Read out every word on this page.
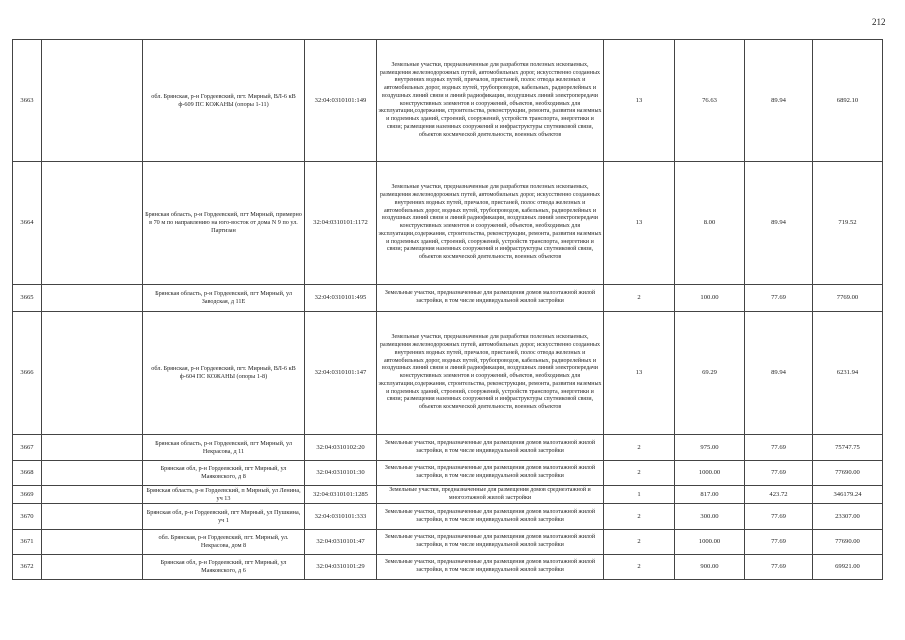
212
3663		обл. Брянская, р-н Гордеевский, пгт. Мирный, ВЛ-6 кВ ф-609 ПС КОЖАНЫ (опоры 1-11)	32:04:0310101:149	Земельные участки, предназначенные для разработки полезных ископаемых, размещения железнодорожных путей, автомобильных дорог, искусственно созданных внутренних водных путей, причалов, пристаней, полос отвода железных и автомобильных дорог, водных путей, трубопроводов, кабельных, радиорелейных и воздушных линий связи и линий радиофикации, воздушных линий электропередачи конструктивных элементов и сооружений, объектов, необходимых для эксплуатации,содержания, строительства, реконструкции, ремонта, развития наземных и подземных зданий, строений, сооружений, устройств транспорта, энергетики и связи; размещения наземных сооружений и инфраструктуры спутниковой связи, объектов космической деятельности, военных объектов	13	76.63	89.94	6892.10
3664		Брянская область, р-н Гордеевский, пгт Мирный, примерно в 70 м по направлению на юго-восток от дома N 9 по ул. Партизан	32:04:0310101:1172	Земельные участки, предназначенные для разработки полезных ископаемых, размещения железнодорожных путей, автомобильных дорог, искусственно созданных внутренних водных путей, причалов, пристаней, полос отвода железных и автомобильных дорог, водных путей, трубопроводов, кабельных, радиорелейных и воздушных линий связи и линий радиофикации, воздушных линий электропередачи конструктивных элементов и сооружений, объектов, необходимых для эксплуатации,содержания, строительства, реконструкции, ремонта, развития наземных и подземных зданий, строений, сооружений, устройств транспорта, энергетики и связи; размещения наземных сооружений и инфраструктуры спутниковой связи, объектов космической деятельности, военных объектов	13	8.00	89.94	719.52
3665		Брянская область, р-н Гордеевский, пгт Мирный, ул Заводская, д 11Е	32:04:0310101:495	Земельные участки, предназначенные для размещения домов малоэтажной жилой застройки, в том числе индивидуальной жилой застройки	2	100.00	77.69	7769.00
3666		обл. Брянская, р-н Гордеевский, пгт. Мирный, ВЛ-6 кВ ф-604 ПС КОЖАНЫ (опоры 1-8)	32:04:0310101:147	Земельные участки, предназначенные для разработки полезных ископаемых, размещения железнодорожных путей, автомобильных дорог, искусственно созданных внутренних водных путей, причалов, пристаней, полос отвода железных и автомобильных дорог, водных путей, трубопроводов, кабельных, радиорелейных и воздушных линий связи и линий радиофикации, воздушных линий электропередачи конструктивных элементов и сооружений, объектов, необходимых для эксплуатации,содержания, строительства, реконструкции, ремонта, развития наземных и подземных зданий, строений, сооружений, устройств транспорта, энергетики и связи; размещения наземных сооружений и инфраструктуры спутниковой связи, объектов космической деятельности, военных объектов	13	69.29	89.94	6231.94
3667		Брянская область, р-н Гордеевский, пгт Мирный, ул Некрасова, д 11	32:04:0310102:20	Земельные участки, предназначенные для размещения домов малоэтажной жилой застройки, в том числе индивидуальной жилой застройки	2	975.00	77.69	75747.75
3668		Брянская обл, р-н Гордеевский, пгт Мирный, ул Маяковского, д 8	32:04:0310101:30	Земельные участки, предназначенные для размещения домов малоэтажной жилой застройки, в том числе индивидуальной жилой застройки	2	1000.00	77.69	77690.00
3669		Брянская область, р-н Гордеевский, п Мирный, ул Ленина, уч 13	32:04:0310101:1285	Земельные участки, предназначенные для размещения домов среднеэтажной и многоэтажной жилой застройки	1	817.00	423.72	346179.24
3670		Брянская обл, р-н Гордеевский, пгт Мирный, ул Пушкина, уч 1	32:04:0310101:333	Земельные участки, предназначенные для размещения домов малоэтажной жилой застройки, в том числе индивидуальной жилой застройки	2	300.00	77.69	23307.00
3671		обл. Брянская, р-н Гордеевский, пгт. Мирный, ул. Некрасова, дом 8	32:04:0310101:47	Земельные участки, предназначенные для размещения домов малоэтажной жилой застройки, в том числе индивидуальной жилой застройки	2	1000.00	77.69	77690.00
3672		Брянская обл, р-н Гордеевский, пгт Мирный, ул Маяковского, д 6	32:04:0310101:29	Земельные участки, предназначенные для размещения домов малоэтажной жилой застройки, в том числе индивидуальной жилой застройки	2	900.00	77.69	69921.00
